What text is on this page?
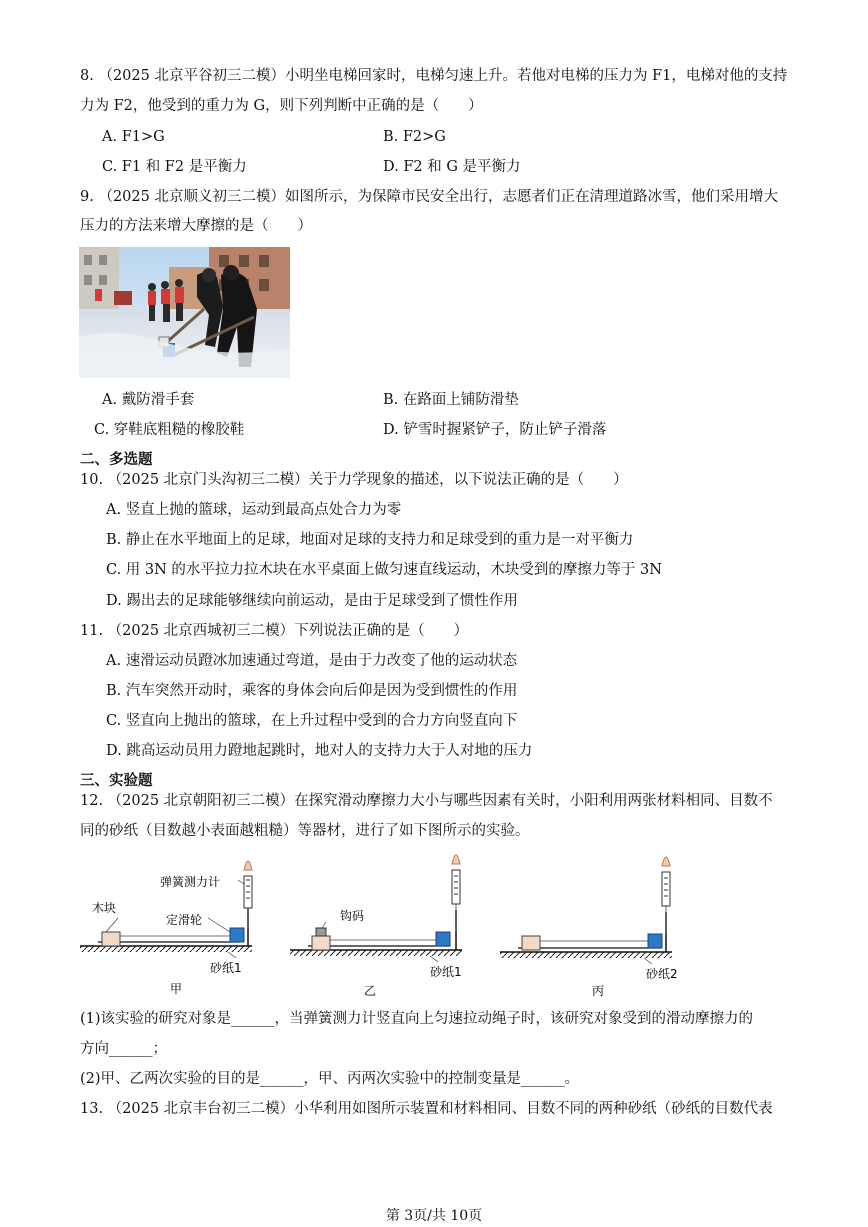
8. （2025 北京平谷初三二模）小明坐电梯回家时，电梯匀速上升。若他对电梯的压力为 F1，电梯对他的支持
力为 F2，他受到的重力为 G，则下列判断中正确的是（　　）
A. F1>G	B. F2>G
C. F1 和 F2 是平衡力	D. F2 和 G 是平衡力
9. （2025 北京顺义初三二模）如图所示，为保障市民安全出行，志愿者们正在清理道路冰雪，他们采用增大
压力的方法来增大摩擦的是（　　）
A. 戴防滑手套	B. 在路面上铺防滑垫
C. 穿鞋底粗糙的橡胶鞋	D. 铲雪时握紧铲子，防止铲子滑落
二、多选题
10. （2025 北京门头沟初三二模）关于力学现象的描述，以下说法正确的是（　　）
A. 竖直上抛的篮球，运动到最高点处合力为零
B. 静止在水平地面上的足球，地面对足球的支持力和足球受到的重力是一对平衡力
C. 用 3N 的水平拉力拉木块在水平桌面上做匀速直线运动，木块受到的摩擦力等于 3N
D. 踢出去的足球能够继续向前运动，是由于足球受到了惯性作用
11. （2025 北京西城初三二模）下列说法正确的是（　　）
A. 速滑运动员蹬冰加速通过弯道，是由于力改变了他的运动状态
B. 汽车突然开动时，乘客的身体会向后仰是因为受到惯性的作用
C. 竖直向上抛出的篮球，在上升过程中受到的合力方向竖直向下
D. 跳高运动员用力蹬地起跳时，地对人的支持力大于人对地的压力
三、实验题
12. （2025 北京朝阳初三二模）在探究滑动摩擦力大小与哪些因素有关时，小阳利用两张材料相同、目数不
同的砂纸（目数越小表面越粗糙）等器材，进行了如下图所示的实验。
弹簧测力计
木块
定滑轮
砂纸1
甲
钩码
砂纸1
乙
砂纸2
丙
(1)该实验的研究对象是______，当弹簧测力计竖直向上匀速拉动绳子时，该研究对象受到的滑动摩擦力的
方向______；
(2)甲、乙两次实验的目的是______，甲、丙两次实验中的控制变量是______。
13. （2025 北京丰台初三二模）小华利用如图所示装置和材料相同、目数不同的两种砂纸（砂纸的目数代表
第 3页/共 10页
